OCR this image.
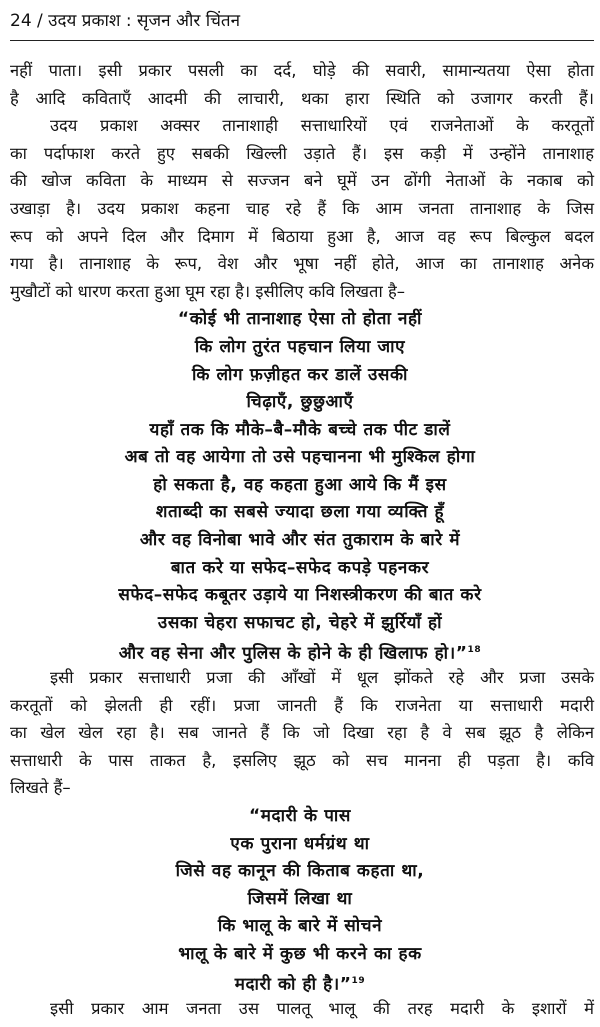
24 / उदय प्रकाश : सृजन और चिंतन
नहीं पाता। इसी प्रकार पसली का दर्द, घोड़े की सवारी, सामान्यतया ऐसा होता
है आदि कविताएँ आदमी की लाचारी, थका हारा स्थिति को उजागर करती हैं।
उदय प्रकाश अक्सर तानाशाही सत्ताधारियों एवं राजनेताओं के करतूतों
का पर्दाफाश करते हुए सबकी खिल्ली उड़ाते हैं। इस कड़ी में उन्होंने तानाशाह
की खोज कविता के माध्यम से सज्जन बने घूमें उन ढोंगी नेताओं के नकाब को
उखाड़ा है। उदय प्रकाश कहना चाह रहे हैं कि आम जनता तानाशाह के जिस
रूप को अपने दिल और दिमाग में बिठाया हुआ है, आज वह रूप बिल्कुल बदल
गया है। तानाशाह के रूप, वेश और भूषा नहीं होते, आज का तानाशाह अनेक
मुखौटों को धारण करता हुआ घूम रहा है। इसीलिए कवि लिखता है–
“कोई भी तानाशाह ऐसा तो होता नहीं
कि लोग तुरंत पहचान लिया जाए
कि लोग फ़ज़ीहत कर डालें उसकी
चिढ़ाएँ, छुछुआएँ
यहाँ तक कि मौके–बै–मौके बच्चे तक पीट डालें
अब तो वह आयेगा तो उसे पहचानना भी मुश्किल होगा
हो सकता है, वह कहता हुआ आये कि मैं इस
शताब्दी का सबसे ज्यादा छला गया व्यक्ति हूँ
और वह विनोबा भावे और संत तुकाराम के बारे में
बात करे या सफेद–सफेद कपड़े पहनकर
सफेद–सफेद कबूतर उड़ाये या निशस्त्रीकरण की बात करे
उसका चेहरा सफाचट हो, चेहरे में झुर्रियाँ हों
और वह सेना और पुलिस के होने के ही खिलाफ हो।”$^{18}$
इसी प्रकार सत्ताधारी प्रजा की आँखों में धूल झोंकते रहे और प्रजा उसके
करतूतों को झेलती ही रहीं। प्रजा जानती हैं कि राजनेता या सत्ताधारी मदारी
का खेल खेल रहा है। सब जानते हैं कि जो दिखा रहा है वे सब झूठ है लेकिन
सत्ताधारी के पास ताकत है, इसलिए झूठ को सच मानना ही पड़ता है। कवि
लिखते हैं–
“मदारी के पास
एक पुराना धर्मग्रंथ था
जिसे वह कानून की किताब कहता था,
जिसमें लिखा था
कि भालू के बारे में सोचने
भालू के बारे में कुछ भी करने का हक
मदारी को ही है।”$^{19}$
इसी प्रकार आम जनता उस पालतू भालू की तरह मदारी के इशारों में
